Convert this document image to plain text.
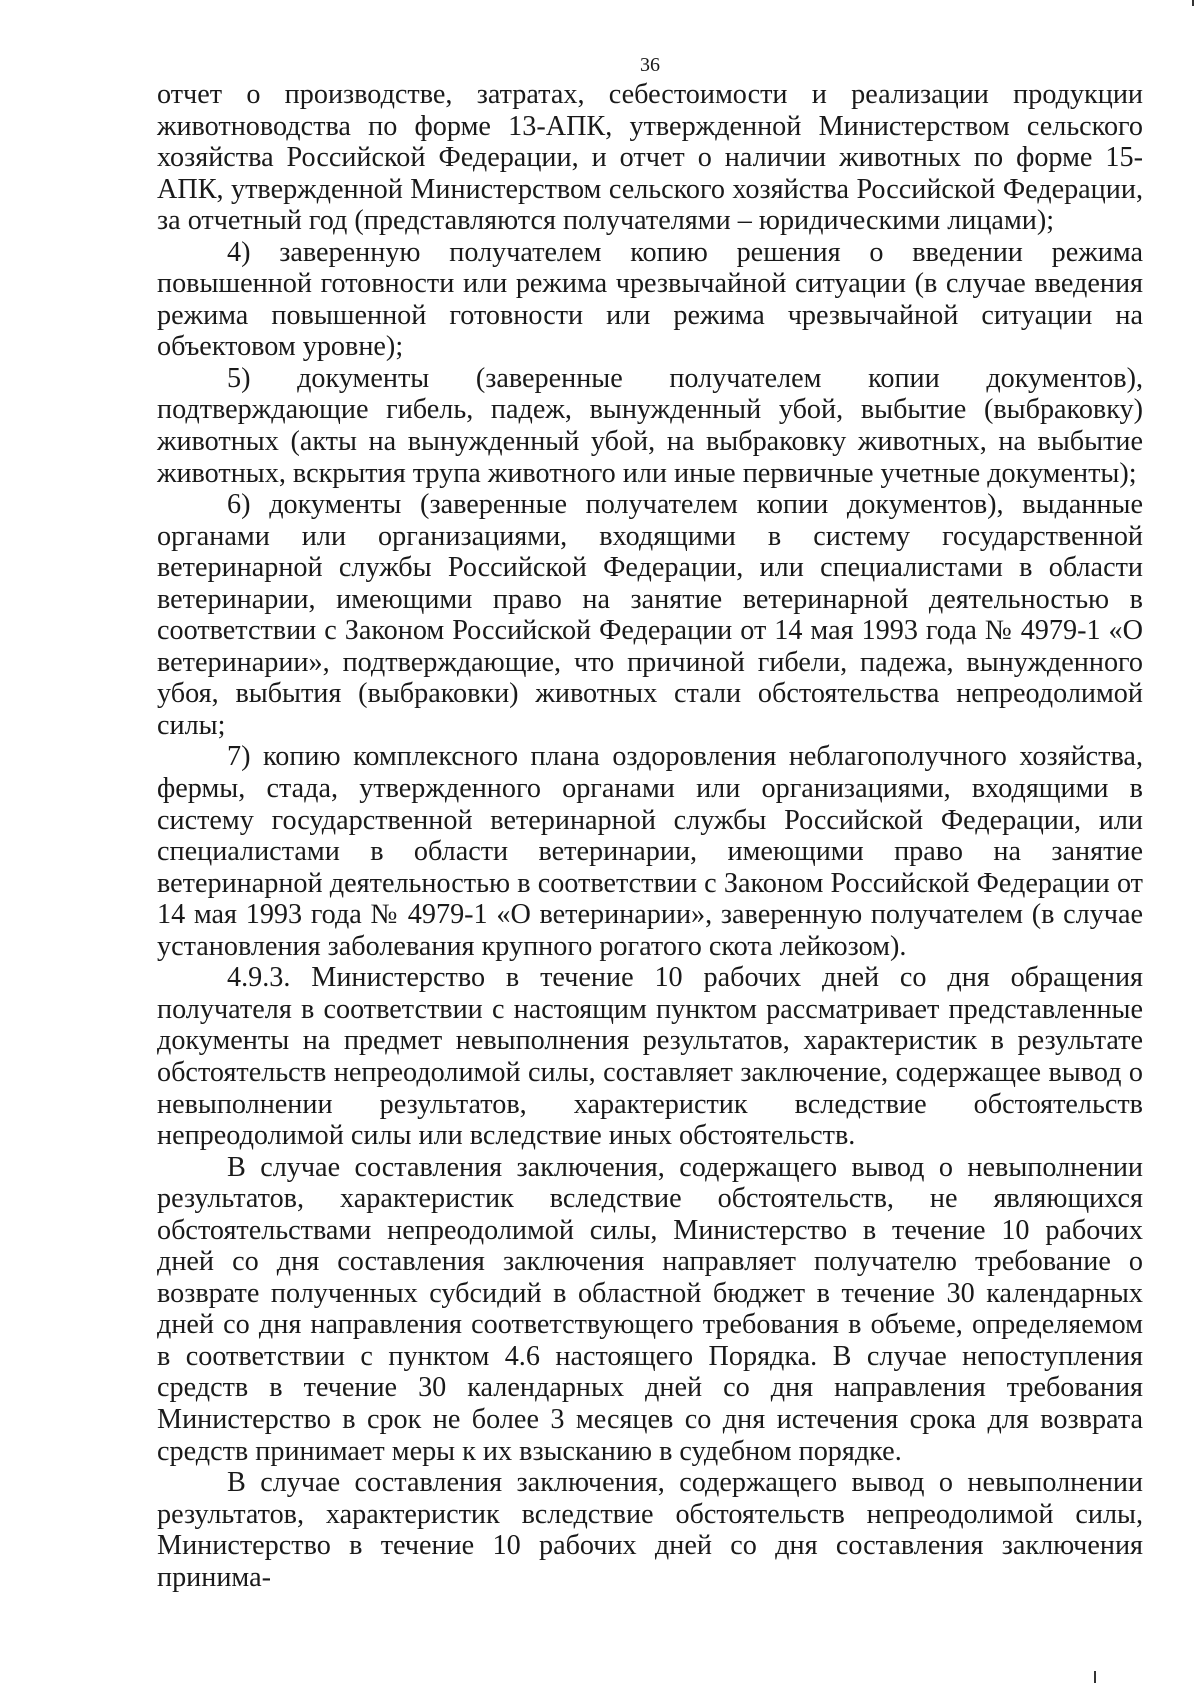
36

отчет о производстве, затратах, себестоимости и реализации продукции животноводства по форме 13-АПК, утвержденной Министерством сельского хозяйства Российской Федерации, и отчет о наличии животных по форме 15-АПК, утвержденной Министерством сельского хозяйства Российской Федерации, за отчетный год (представляются получателями – юридическими лицами);

4) заверенную получателем копию решения о введении режима повышенной готовности или режима чрезвычайной ситуации (в случае введения режима повышенной готовности или режима чрезвычайной ситуации на объектовом уровне);

5) документы (заверенные получателем копии документов), подтверждающие гибель, падеж, вынужденный убой, выбытие (выбраковку) животных (акты на вынужденный убой, на выбраковку животных, на выбытие животных, вскрытия трупа животного или иные первичные учетные документы);

6) документы (заверенные получателем копии документов), выданные органами или организациями, входящими в систему государственной ветеринарной службы Российской Федерации, или специалистами в области ветеринарии, имеющими право на занятие ветеринарной деятельностью в соответствии с Законом Российской Федерации от 14 мая 1993 года № 4979-1 «О ветеринарии», подтверждающие, что причиной гибели, падежа, вынужденного убоя, выбытия (выбраковки) животных стали обстоятельства непреодолимой силы;

7) копию комплексного плана оздоровления неблагополучного хозяйства, фермы, стада, утвержденного органами или организациями, входящими в систему государственной ветеринарной службы Российской Федерации, или специалистами в области ветеринарии, имеющими право на занятие ветеринарной деятельностью в соответствии с Законом Российской Федерации от 14 мая 1993 года № 4979-1 «О ветеринарии», заверенную получателем (в случае установления заболевания крупного рогатого скота лейкозом).

4.9.3. Министерство в течение 10 рабочих дней со дня обращения получателя в соответствии с настоящим пунктом рассматривает представленные документы на предмет невыполнения результатов, характеристик в результате обстоятельств непреодолимой силы, составляет заключение, содержащее вывод о невыполнении результатов, характеристик вследствие обстоятельств непреодолимой силы или вследствие иных обстоятельств.

В случае составления заключения, содержащего вывод о невыполнении результатов, характеристик вследствие обстоятельств, не являющихся обстоятельствами непреодолимой силы, Министерство в течение 10 рабочих дней со дня составления заключения направляет получателю требование о возврате полученных субсидий в областной бюджет в течение 30 календарных дней со дня направления соответствующего требования в объеме, определяемом в соответствии с пунктом 4.6 настоящего Порядка. В случае непоступления средств в течение 30 календарных дней со дня направления требования Министерство в срок не более 3 месяцев со дня истечения срока для возврата средств принимает меры к их взысканию в судебном порядке.

В случае составления заключения, содержащего вывод о невыполнении результатов, характеристик вследствие обстоятельств непреодолимой силы, Министерство в течение 10 рабочих дней со дня составления заключения принима-
